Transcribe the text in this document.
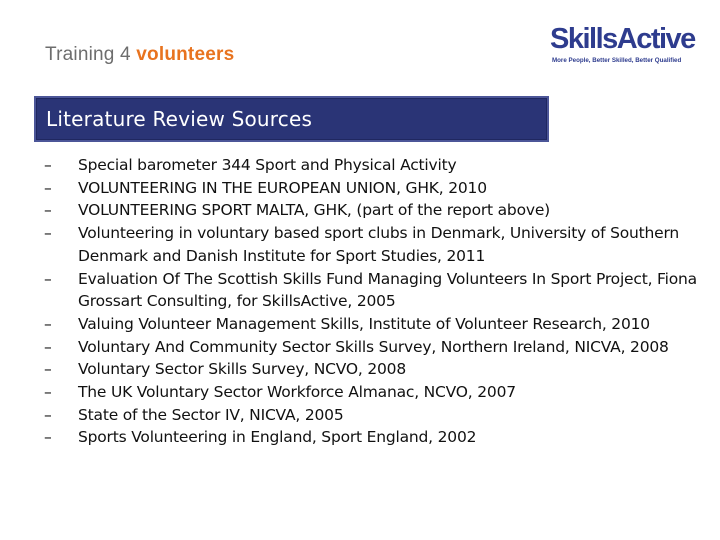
Training 4 volunteers	SkillsActive
More People, Better Skilled, Better Qualified
Literature Review Sources
–	Special barometer 344 Sport and Physical Activity
–	VOLUNTEERING IN THE EUROPEAN UNION, GHK, 2010
–	VOLUNTEERING SPORT MALTA, GHK, (part of the report above)
–	Volunteering in voluntary based sport clubs in Denmark, University of Southern Denmark and Danish Institute for Sport Studies, 2011
–	Evaluation Of The Scottish Skills Fund Managing Volunteers In Sport Project, Fiona Grossart Consulting, for SkillsActive, 2005
–	Valuing Volunteer Management Skills, Institute of Volunteer Research, 2010
–	Voluntary And Community Sector Skills Survey, Northern Ireland, NICVA, 2008
–	Voluntary Sector Skills Survey, NCVO, 2008
–	The UK Voluntary Sector Workforce Almanac, NCVO, 2007
–	State of the Sector IV, NICVA, 2005
–	Sports Volunteering in England, Sport England, 2002
